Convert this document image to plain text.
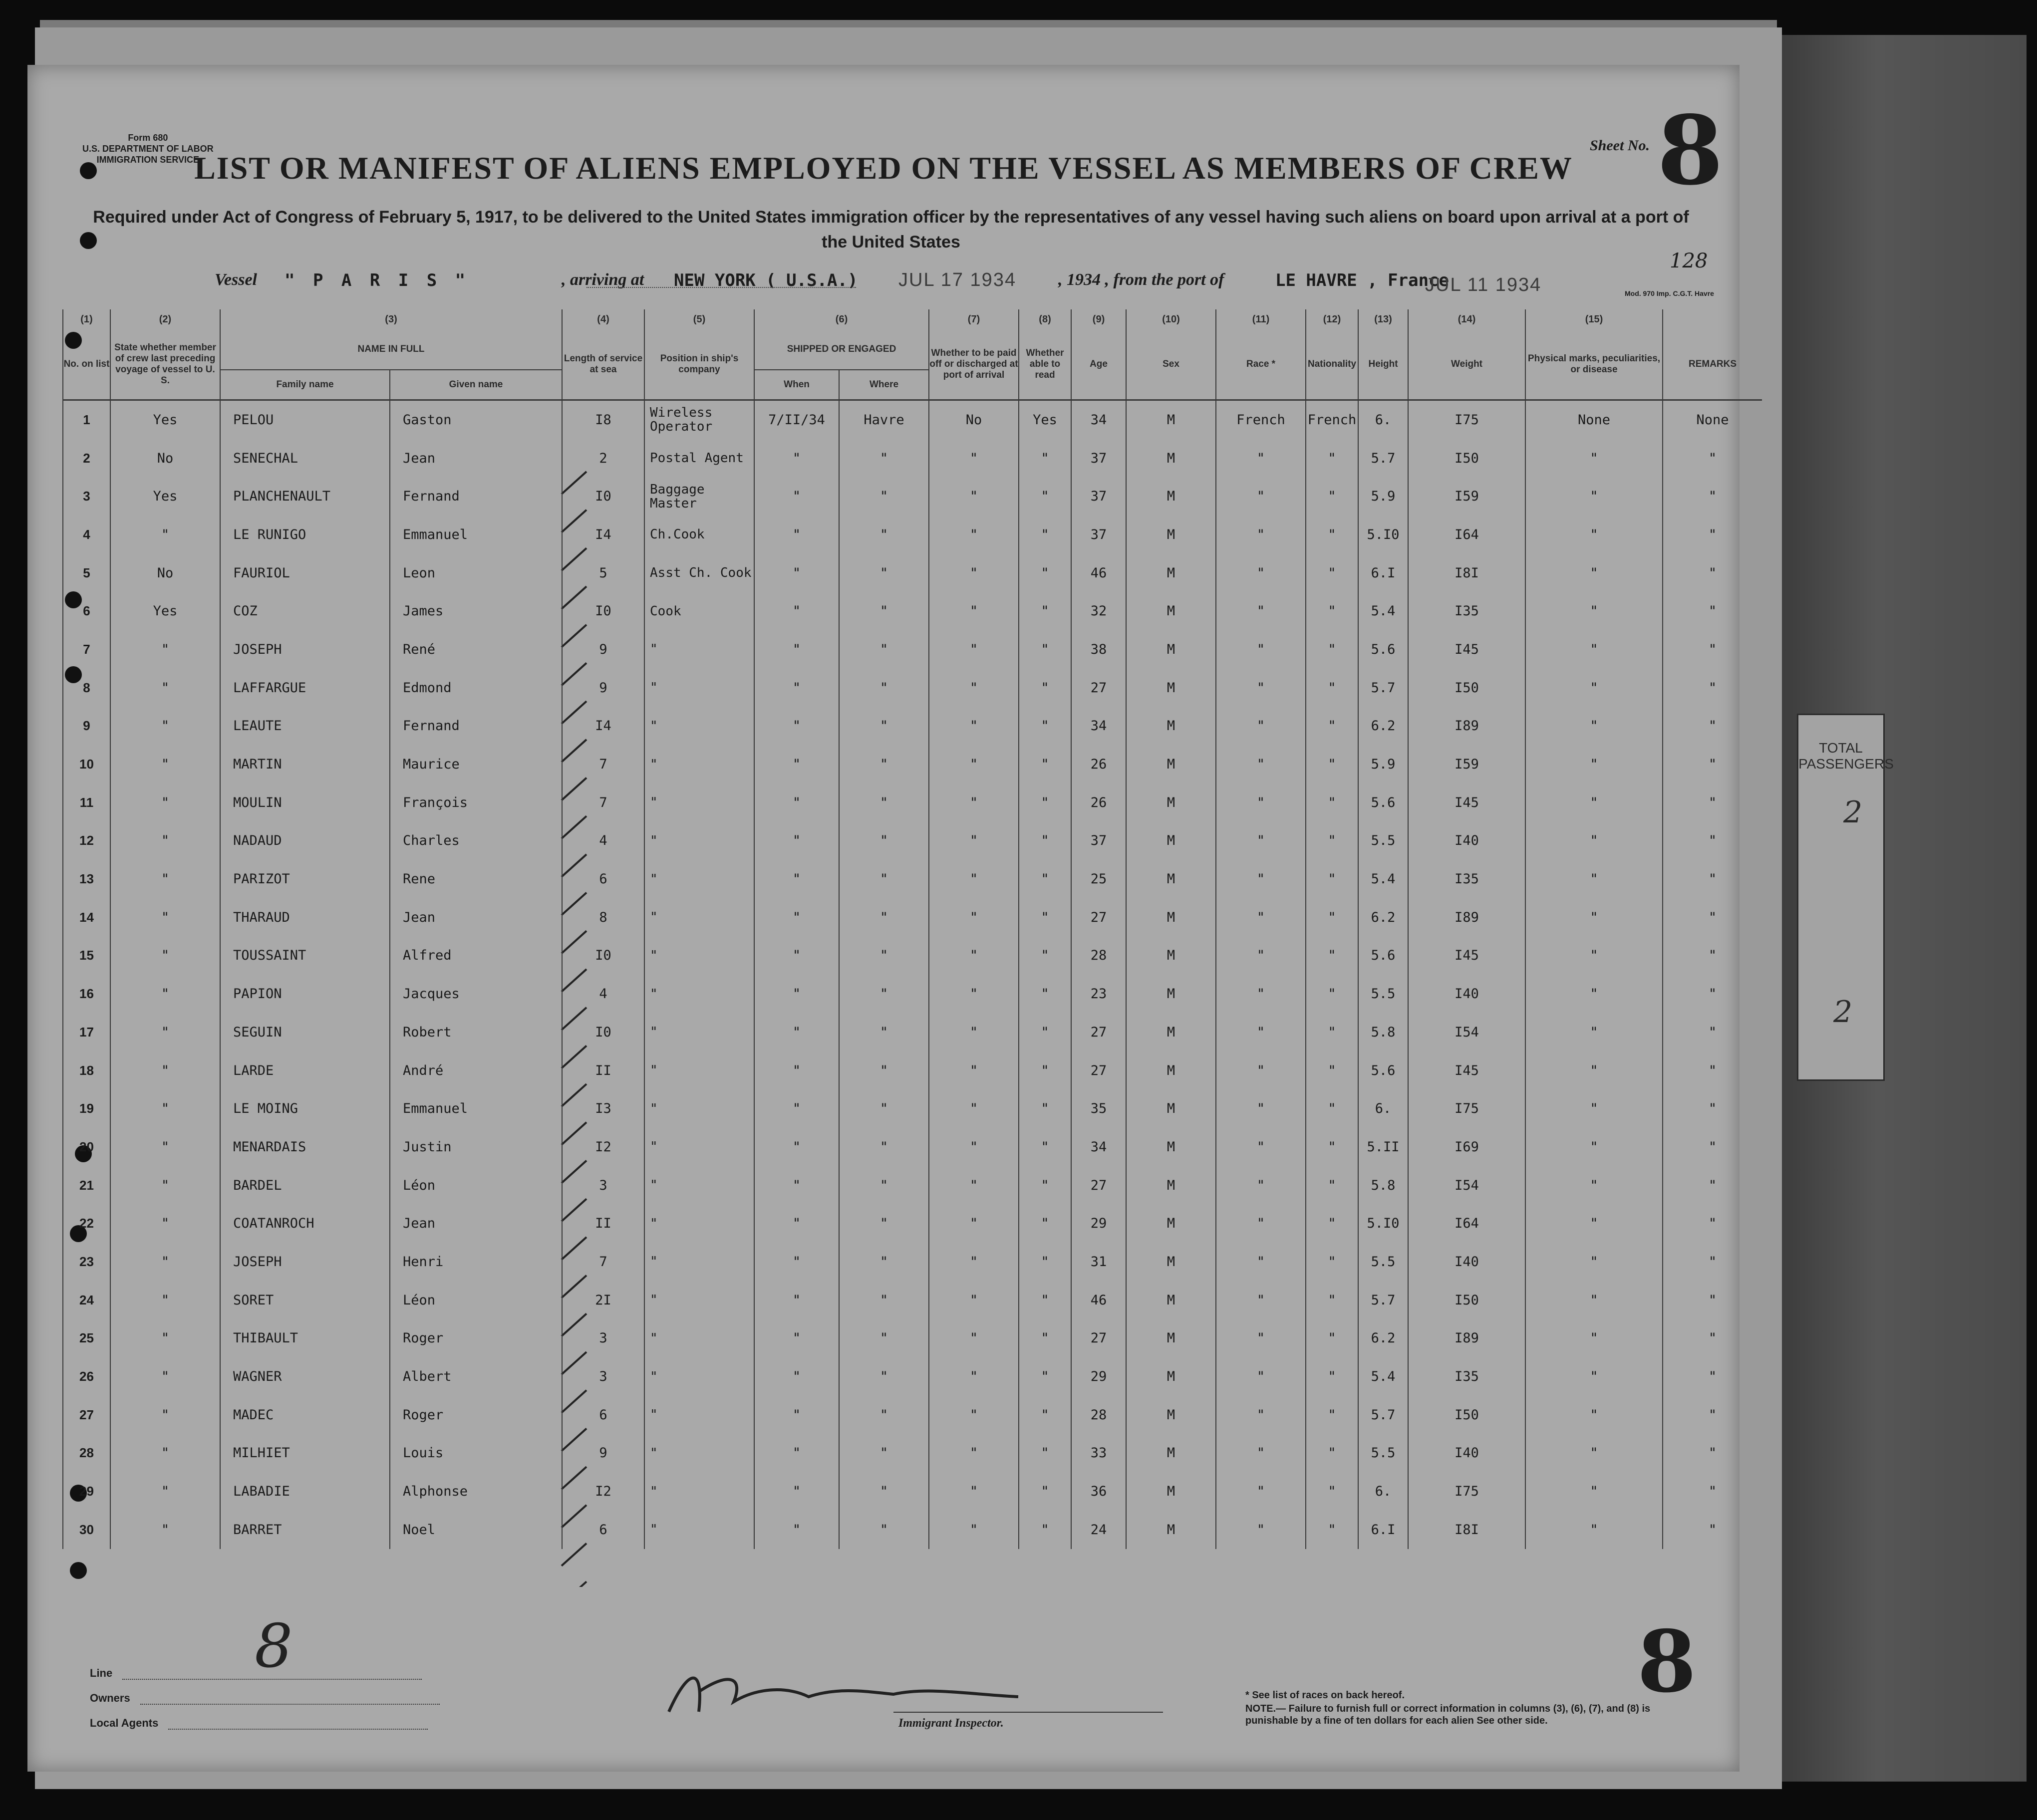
TOTAL PASSENGERS
2
2
Form 680
U.S. DEPARTMENT OF LABOR
IMMIGRATION SERVICE
Sheet No. 8
LIST OR MANIFEST OF ALIENS EMPLOYED ON THE VESSEL AS MEMBERS OF CREW
Required under Act of Congress of February 5, 1917, to be delivered to the United States immigration officer by the representatives of any vessel having such aliens on board upon arrival at a port of the United States
128
Vessel " P A R I S "	, arriving at NEW YORK ( U.S.A.) JUL 17 1934 , 1934 , from the port of	LE HAVRE , France
JUL 11 1934	Mod. 970 Imp. C.G.T. Havre
(1)	(2)	(3)		(4)	(5)	(6)		(7)	(8)	(9)	(10)	(11)	(12)	(13)	(14)	(15)	
No. on list	State whether member of crew last preceding voyage of vessel to U. S.	NAME IN FULL		Length of service at sea	Position in ship's company	SHIPPED OR ENGAGED		Whether to be paid off or discharged at port of arrival	Whether able to read	Age	Sex	Race *	Nationality	Height	Weight	Physical marks, peculiarities, or disease	REMARKS
		Family name	Given name			When	Where										
1	Yes	PELOU	Gaston	I8	Wireless Operator	7/II/34	Havre	No	Yes	34	M	French	French	6.	I75	None	None
2	No	SENECHAL	Jean	2	Postal Agent	"	"	"	"	37	M	"	"	5.7	I50	"	"
3	Yes	PLANCHENAULT	Fernand	I0	Baggage Master	"	"	"	"	37	M	"	"	5.9	I59	"	"
4	"	LE RUNIGO	Emmanuel	I4	Ch.Cook	"	"	"	"	37	M	"	"	5.I0	I64	"	"
5	No	FAURIOL	Leon	5	Asst Ch. Cook	"	"	"	"	46	M	"	"	6.I	I8I	"	"
6	Yes	COZ	James	I0	Cook	"	"	"	"	32	M	"	"	5.4	I35	"	"
7	"	JOSEPH	René	9	"	"	"	"	"	38	M	"	"	5.6	I45	"	"
8	"	LAFFARGUE	Edmond	9	"	"	"	"	"	27	M	"	"	5.7	I50	"	"
9	"	LEAUTE	Fernand	I4	"	"	"	"	"	34	M	"	"	6.2	I89	"	"
10	"	MARTIN	Maurice	7	"	"	"	"	"	26	M	"	"	5.9	I59	"	"
11	"	MOULIN	François	7	"	"	"	"	"	26	M	"	"	5.6	I45	"	"
12	"	NADAUD	Charles	4	"	"	"	"	"	37	M	"	"	5.5	I40	"	"
13	"	PARIZOT	Rene	6	"	"	"	"	"	25	M	"	"	5.4	I35	"	"
14	"	THARAUD	Jean	8	"	"	"	"	"	27	M	"	"	6.2	I89	"	"
15	"	TOUSSAINT	Alfred	I0	"	"	"	"	"	28	M	"	"	5.6	I45	"	"
16	"	PAPION	Jacques	4	"	"	"	"	"	23	M	"	"	5.5	I40	"	"
17	"	SEGUIN	Robert	I0	"	"	"	"	"	27	M	"	"	5.8	I54	"	"
18	"	LARDE	André	II	"	"	"	"	"	27	M	"	"	5.6	I45	"	"
19	"	LE MOING	Emmanuel	I3	"	"	"	"	"	35	M	"	"	6.	I75	"	"
20	"	MENARDAIS	Justin	I2	"	"	"	"	"	34	M	"	"	5.II	I69	"	"
21	"	BARDEL	Léon	3	"	"	"	"	"	27	M	"	"	5.8	I54	"	"
22	"	COATANROCH	Jean	II	"	"	"	"	"	29	M	"	"	5.I0	I64	"	"
23	"	JOSEPH	Henri	7	"	"	"	"	"	31	M	"	"	5.5	I40	"	"
24	"	SORET	Léon	2I	"	"	"	"	"	46	M	"	"	5.7	I50	"	"
25	"	THIBAULT	Roger	3	"	"	"	"	"	27	M	"	"	6.2	I89	"	"
26	"	WAGNER	Albert	3	"	"	"	"	"	29	M	"	"	5.4	I35	"	"
27	"	MADEC	Roger	6	"	"	"	"	"	28	M	"	"	5.7	I50	"	"
28	"	MILHIET	Louis	9	"	"	"	"	"	33	M	"	"	5.5	I40	"	"
29	"	LABADIE	Alphonse	I2	"	"	"	"	"	36	M	"	"	6.	I75	"	"
30	"	BARRET	Noel	6	"	"	"	"	"	24	M	"	"	6.I	I8I	"	"
Line
Owners
Local Agents
8
Immigrant Inspector.
8
* See list of races on back hereof.
NOTE.— Failure to furnish full or correct information in columns (3), (6), (7), and (8) is punishable by a fine of ten dollars for each alien See other side.
